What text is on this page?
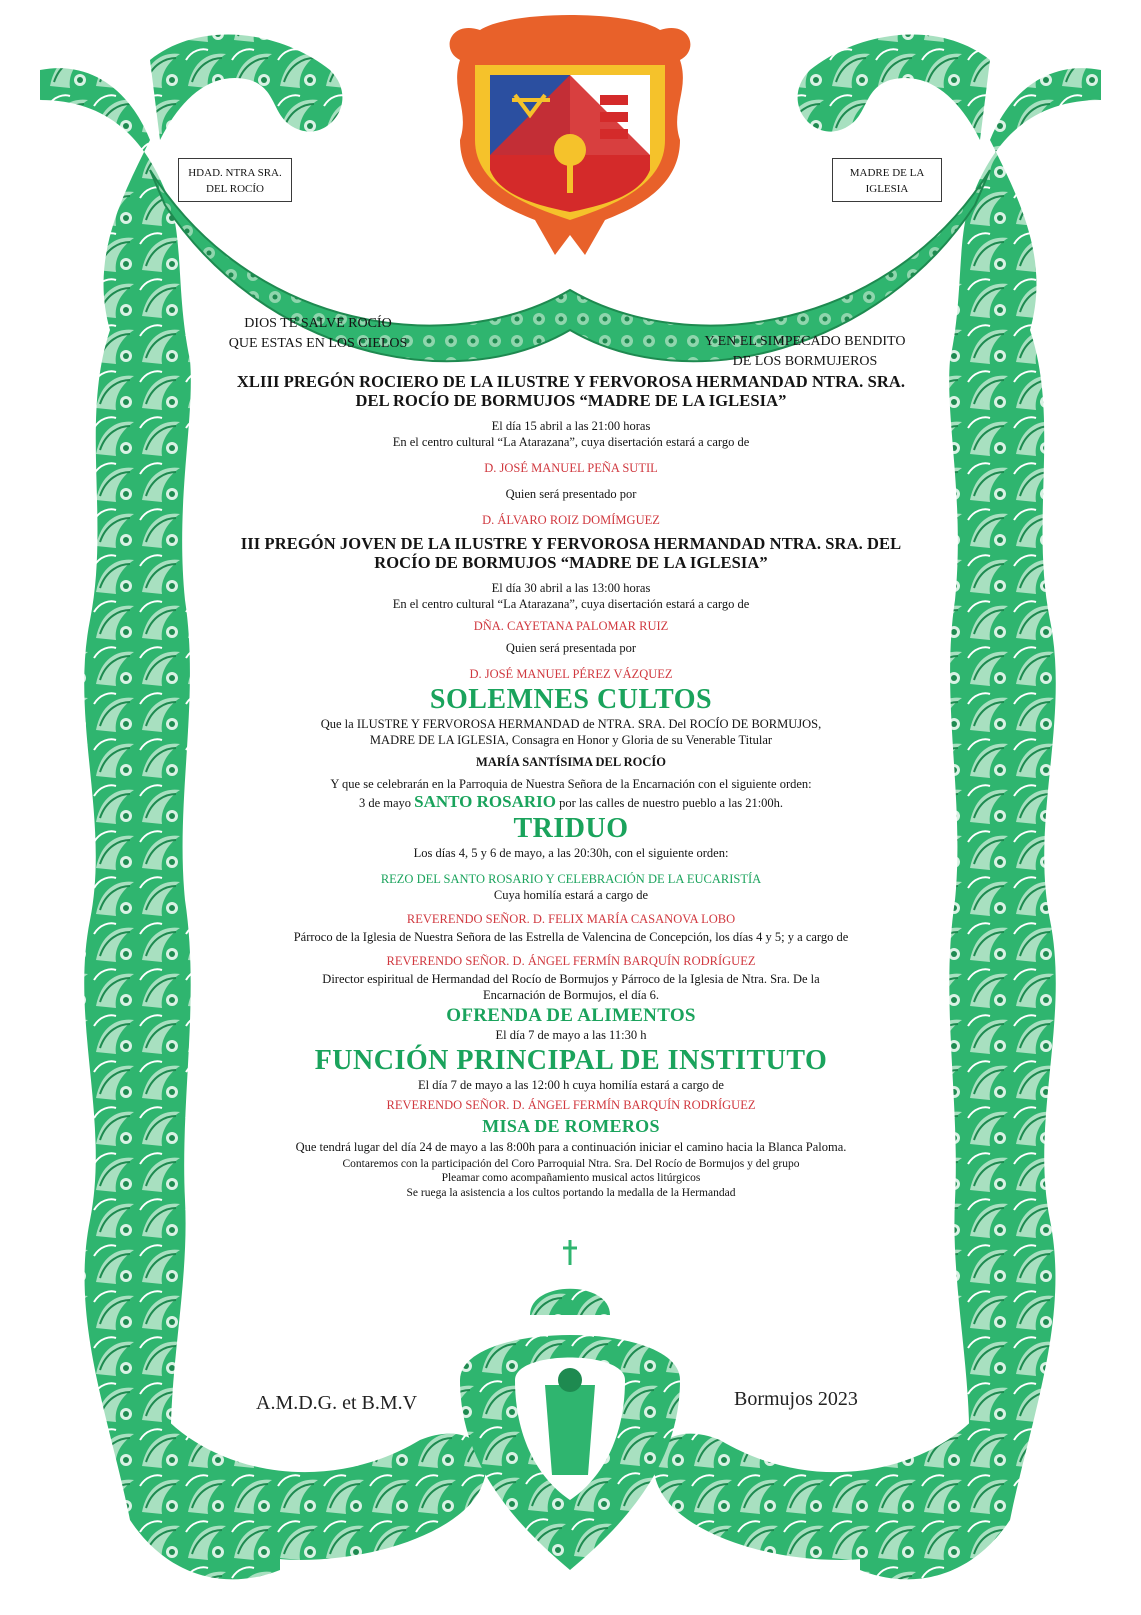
HDAD. NTRA SRA.
DEL ROCÍO
MADRE DE LA
IGLESIA
DIOS TE SALVE ROCÍO
QUE ESTAS EN LOS CIELOS	Y EN EL SIMPECADO BENDITO
DE LOS BORMUJEROS
XLIII PREGÓN ROCIERO DE LA ILUSTRE Y FERVOROSA HERMANDAD NTRA. SRA.
DEL ROCÍO DE BORMUJOS “MADRE DE LA IGLESIA”
El día 15 abril a las 21:00 horas
En el centro cultural “La Atarazana”, cuya disertación estará a cargo de
D. JOSÉ MANUEL PEÑA SUTIL
Quien será presentado por
D. ÁLVARO ROIZ DOMÍMGUEZ
III PREGÓN JOVEN DE LA ILUSTRE Y FERVOROSA HERMANDAD NTRA. SRA. DEL
ROCÍO DE BORMUJOS “MADRE DE LA IGLESIA”
El día 30 abril a las 13:00 horas
En el centro cultural “La Atarazana”, cuya disertación estará a cargo de
DÑA. CAYETANA PALOMAR RUIZ
Quien será presentada por
D. JOSÉ MANUEL PÉREZ VÁZQUEZ
SOLEMNES CULTOS
Que la ILUSTRE Y FERVOROSA HERMANDAD de NTRA. SRA. Del ROCÍO DE BORMUJOS,
MADRE DE LA IGLESIA, Consagra en Honor y Gloria de su Venerable Titular
MARÍA SANTÍSIMA DEL ROCÍO
Y que se celebrarán en la Parroquia de Nuestra Señora de la Encarnación con el siguiente orden:
3 de mayo SANTO ROSARIO por las calles de nuestro pueblo a las 21:00h.
TRIDUO
Los días 4, 5 y 6 de mayo, a las 20:30h, con el siguiente orden:
REZO DEL SANTO ROSARIO Y CELEBRACIÓN DE LA EUCARISTÍA
Cuya homilía estará a cargo de
REVERENDO SEÑOR. D. FELIX MARÍA CASANOVA LOBO
Párroco de la Iglesia de Nuestra Señora de las Estrella de Valencina de Concepción, los días 4 y 5; y a cargo de
REVERENDO SEÑOR. D. ÁNGEL FERMÍN BARQUÍN RODRÍGUEZ
Director espiritual de Hermandad del Rocío de Bormujos y Párroco de la Iglesia de Ntra. Sra. De la
Encarnación de Bormujos, el día 6.
OFRENDA DE ALIMENTOS
El día 7 de mayo a las 11:30 h
FUNCIÓN PRINCIPAL DE INSTITUTO
El día 7 de mayo a las 12:00 h cuya homilía estará a cargo de
REVERENDO SEÑOR. D. ÁNGEL FERMÍN BARQUÍN RODRÍGUEZ
MISA DE ROMEROS
Que tendrá lugar del día 24 de mayo a las 8:00h para a continuación iniciar el camino hacia la Blanca Paloma.
Contaremos con la participación del Coro Parroquial Ntra. Sra. Del Rocío de Bormujos y del grupo
Pleamar como acompañamiento musical actos litúrgicos
Se ruega la asistencia a los cultos portando la medalla de la Hermandad
A.M.D.G. et B.M.V	Bormujos 2023
